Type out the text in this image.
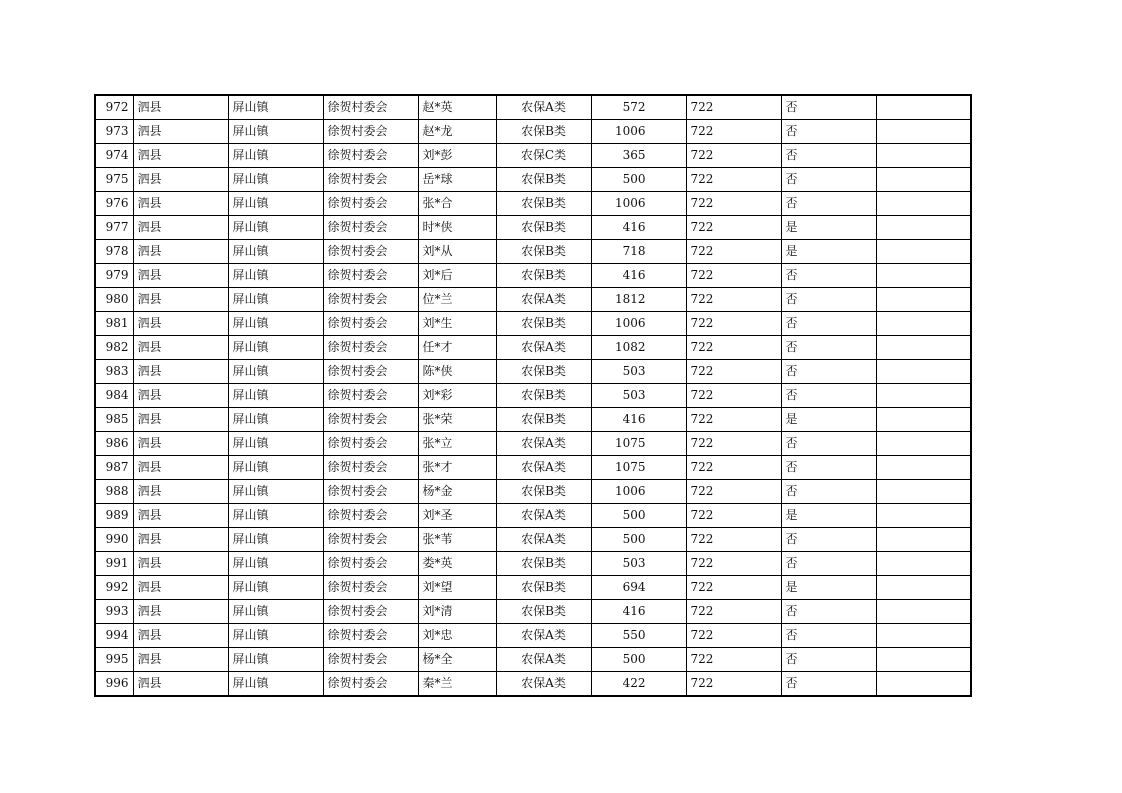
972	泗县	屏山镇	徐贺村委会	赵*英	农保A类	572	722	否	
973	泗县	屏山镇	徐贺村委会	赵*龙	农保B类	1006	722	否	
974	泗县	屏山镇	徐贺村委会	刘*彭	农保C类	365	722	否	
975	泗县	屏山镇	徐贺村委会	岳*球	农保B类	500	722	否	
976	泗县	屏山镇	徐贺村委会	张*合	农保B类	1006	722	否	
977	泗县	屏山镇	徐贺村委会	时*侠	农保B类	416	722	是	
978	泗县	屏山镇	徐贺村委会	刘*从	农保B类	718	722	是	
979	泗县	屏山镇	徐贺村委会	刘*后	农保B类	416	722	否	
980	泗县	屏山镇	徐贺村委会	位*兰	农保A类	1812	722	否	
981	泗县	屏山镇	徐贺村委会	刘*生	农保B类	1006	722	否	
982	泗县	屏山镇	徐贺村委会	任*才	农保A类	1082	722	否	
983	泗县	屏山镇	徐贺村委会	陈*侠	农保B类	503	722	否	
984	泗县	屏山镇	徐贺村委会	刘*彩	农保B类	503	722	否	
985	泗县	屏山镇	徐贺村委会	张*荣	农保B类	416	722	是	
986	泗县	屏山镇	徐贺村委会	张*立	农保A类	1075	722	否	
987	泗县	屏山镇	徐贺村委会	张*才	农保A类	1075	722	否	
988	泗县	屏山镇	徐贺村委会	杨*金	农保B类	1006	722	否	
989	泗县	屏山镇	徐贺村委会	刘*圣	农保A类	500	722	是	
990	泗县	屏山镇	徐贺村委会	张*苇	农保A类	500	722	否	
991	泗县	屏山镇	徐贺村委会	娄*英	农保B类	503	722	否	
992	泗县	屏山镇	徐贺村委会	刘*望	农保B类	694	722	是	
993	泗县	屏山镇	徐贺村委会	刘*清	农保B类	416	722	否	
994	泗县	屏山镇	徐贺村委会	刘*忠	农保A类	550	722	否	
995	泗县	屏山镇	徐贺村委会	杨*全	农保A类	500	722	否	
996	泗县	屏山镇	徐贺村委会	秦*兰	农保A类	422	722	否	
